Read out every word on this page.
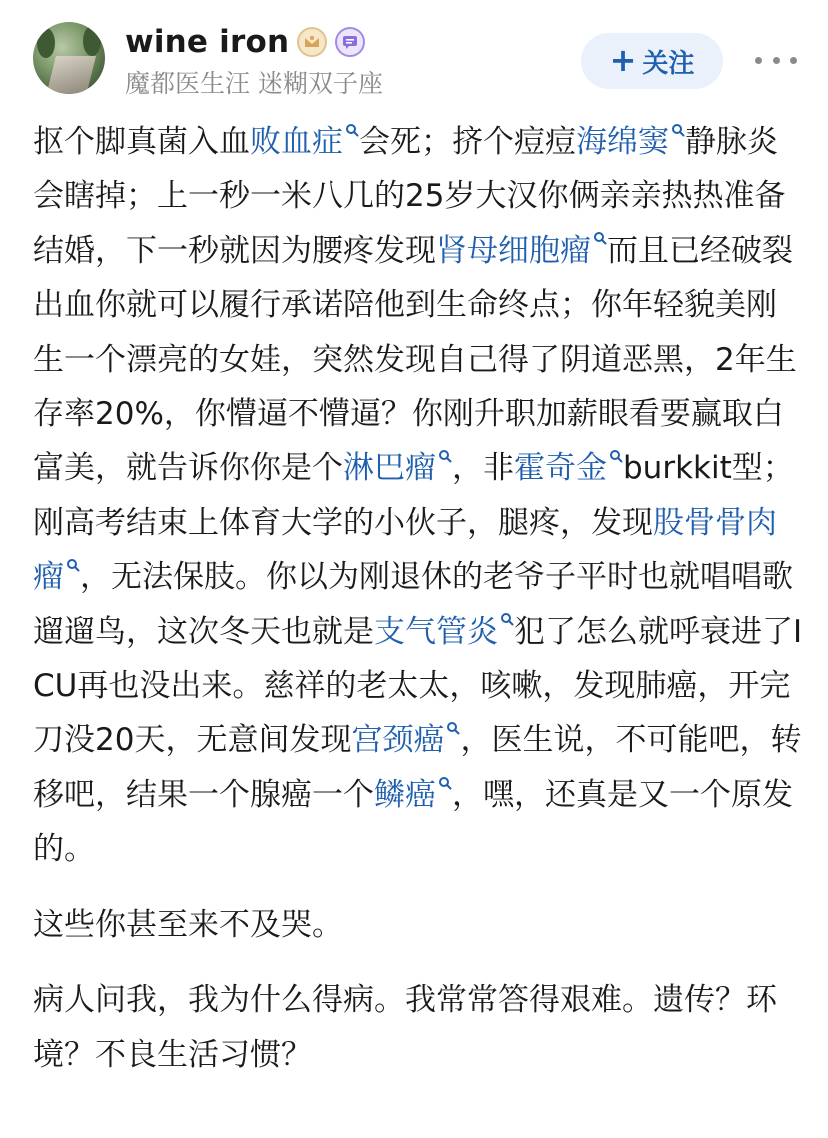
wine iron
魔都医生汪 迷糊双子座
+ 关注

抠个脚真菌入血败血症 会死；挤个痘痘海绵窦 静脉炎会瞎掉；上一秒一米八几的25岁大汉你俩亲亲热热准备结婚，下一秒就因为腰疼发现肾母细胞瘤 而且已经破裂出血你就可以履行承诺陪他到生命终点；你年轻貌美刚生一个漂亮的女娃，突然发现自己得了阴道恶黑，2年生存率20%，你懵逼不懵逼？你刚升职加薪眼看要赢取白富美，就告诉你你是个淋巴瘤 ，非霍奇金 burkkit型；刚高考结束上体育大学的小伙子，腿疼，发现股骨骨肉瘤 ，无法保肢。你以为刚退休的老爷子平时也就唱唱歌遛遛鸟，这次冬天也就是支气管炎 犯了怎么就呼衰进了ICU再也没出来。慈祥的老太太，咳嗽，发现肺癌，开完刀没20天，无意间发现宫颈癌 ，医生说，不可能吧，转移吧，结果一个腺癌一个鳞癌 ，嘿，还真是又一个原发的。

这些你甚至来不及哭。

病人问我，我为什么得病。我常常答得艰难。遗传？环境？不良生活习惯？
